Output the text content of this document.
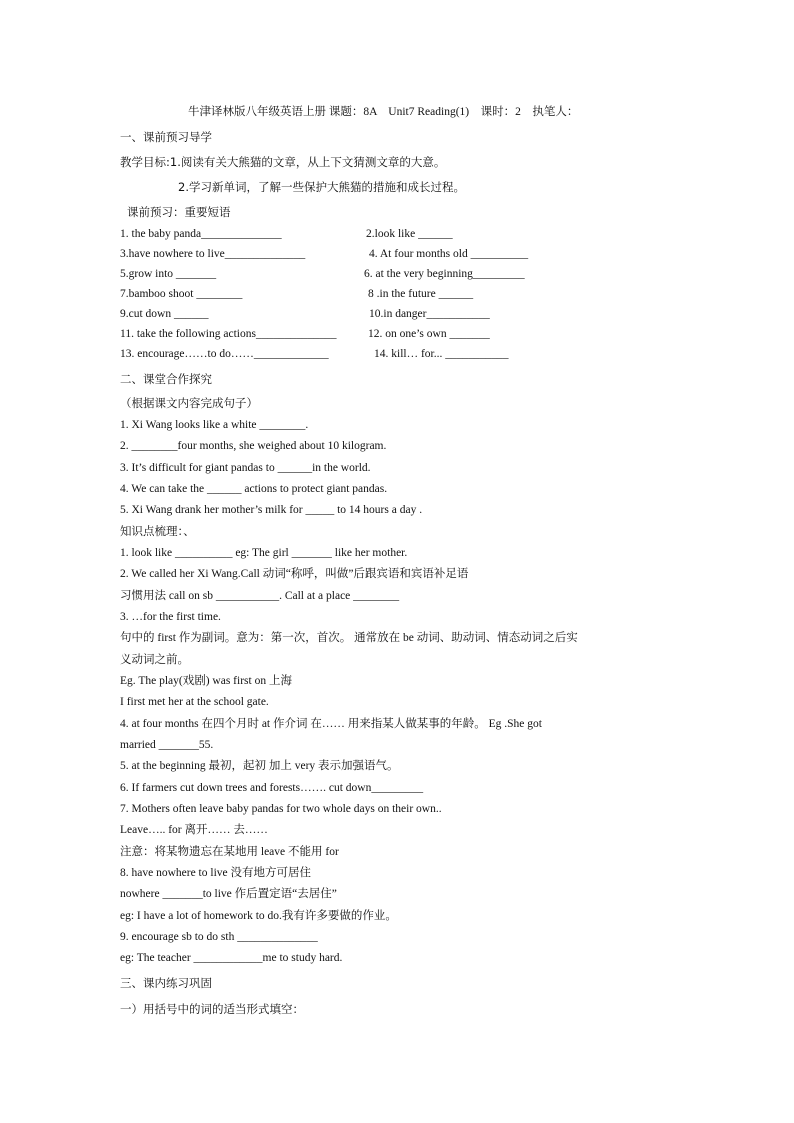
牛津译林版八年级英语上册 课题：8A　Unit7 Reading(1)　课时：2　执笔人：
一、课前预习导学
教学目标:1.阅读有关大熊猫的文章，从上下文猜测文章的大意。
2.学习新单词，了解一些保护大熊猫的措施和成长过程。
课前预习：重要短语
1. the baby panda______________	2.look like ______
3.have nowhere to live______________	4. At four months old __________
5.grow into _______	6. at the very beginning_________
7.bamboo shoot ________	8 .in the future ______
9.cut down ______	10.in danger___________
11. take the following actions______________	12. on one’s own _______
13. encourage……to do……_____________	14. kill… for... ___________
二、课堂合作探究
（根据课文内容完成句子）
1. Xi Wang looks like a white ________.
2. ________four months, she weighed about 10 kilogram.
3. It’s difficult for giant pandas to ______in the world.
4. We can take the ______ actions to protect giant pandas.
5. Xi Wang drank her mother’s milk for _____ to 14 hours a day .
知识点梳理：、
1. look like __________ eg: The girl _______ like her mother.
2. We called her Xi Wang.Call 动词“称呼，叫做”后跟宾语和宾语补足语
习惯用法 call on sb ___________. Call at a place ________
3. …for the first time.
句中的 first 作为副词。意为：第一次，首次。 通常放在 be 动词、助动词、情态动词之后实
义动词之前。
Eg. The play(戏剧) was first on 上海
I first met her at the school gate.
4. at four months 在四个月时 at 作介词 在…… 用来指某人做某事的年龄。 Eg .She got
married _______55.
5. at the beginning 最初，起初 加上 very 表示加强语气。
6. If farmers cut down trees and forests……. cut down_________
7. Mothers often leave baby pandas for two whole days on their own..
Leave….. for 离开…… 去……
注意：将某物遗忘在某地用 leave 不能用 for
8. have nowhere to live 没有地方可居住
nowhere _______to live 作后置定语“去居住”
eg: I have a lot of homework to do.我有许多要做的作业。
9. encourage sb to do sth ______________
eg: The teacher ____________me to study hard.
三、课内练习巩固
一）用括号中的词的适当形式填空：
